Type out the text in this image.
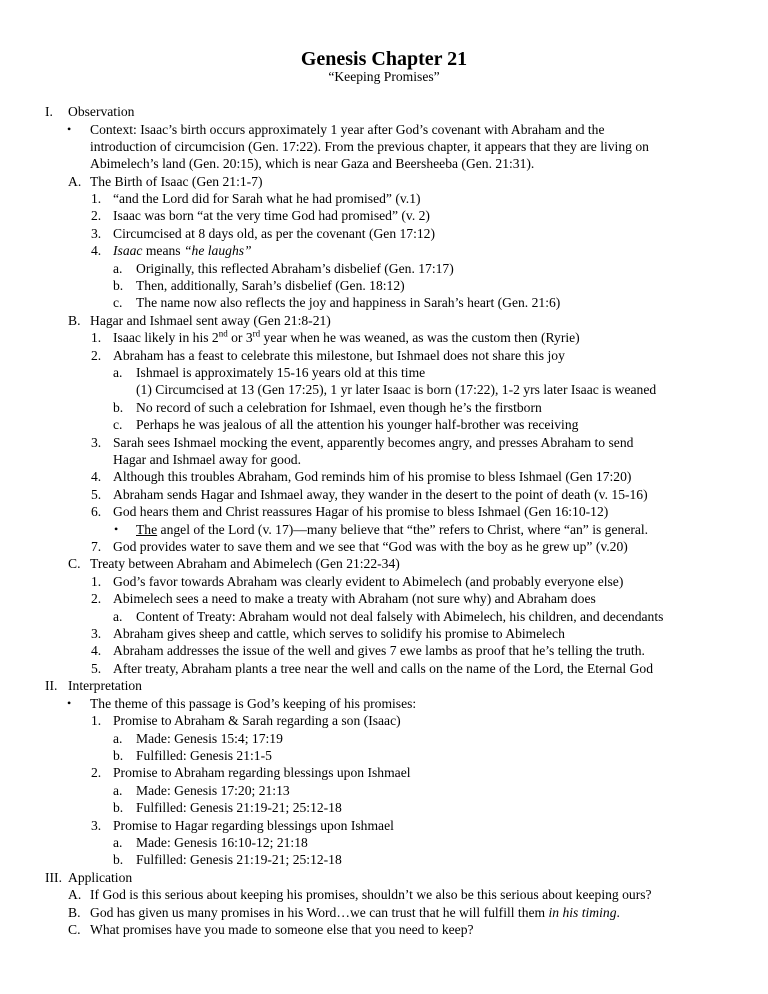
Genesis Chapter 21
“Keeping Promises”
I. Observation
• Context: Isaac’s birth occurs approximately 1 year after God’s covenant with Abraham and the
introduction of circumcision (Gen. 17:22). From the previous chapter, it appears that they are living on
Abimelech’s land (Gen. 20:15), which is near Gaza and Beersheeba (Gen. 21:31).
A. The Birth of Isaac (Gen 21:1-7)
1. “and the Lord did for Sarah what he had promised” (v.1)
2. Isaac was born “at the very time God had promised” (v. 2)
3. Circumcised at 8 days old, as per the covenant (Gen 17:12)
4. Isaac means “he laughs”
a. Originally, this reflected Abraham’s disbelief (Gen. 17:17)
b. Then, additionally, Sarah’s disbelief (Gen. 18:12)
c. The name now also reflects the joy and happiness in Sarah’s heart (Gen. 21:6)
B. Hagar and Ishmael sent away (Gen 21:8-21)
1. Isaac likely in his 2nd or 3rd year when he was weaned, as was the custom then (Ryrie)
2. Abraham has a feast to celebrate this milestone, but Ishmael does not share this joy
a. Ishmael is approximately 15-16 years old at this time
(1) Circumcised at 13 (Gen 17:25), 1 yr later Isaac is born (17:22), 1-2 yrs later Isaac is weaned
b. No record of such a celebration for Ishmael, even though he’s the firstborn
c. Perhaps he was jealous of all the attention his younger half-brother was receiving
3. Sarah sees Ishmael mocking the event, apparently becomes angry, and presses Abraham to send
Hagar and Ishmael away for good.
4. Although this troubles Abraham, God reminds him of his promise to bless Ishmael (Gen 17:20)
5. Abraham sends Hagar and Ishmael away, they wander in the desert to the point of death (v. 15-16)
6. God hears them and Christ reassures Hagar of his promise to bless Ishmael (Gen 16:10-12)
• The angel of the Lord (v. 17)—many believe that “the” refers to Christ, where “an” is general.
7. God provides water to save them and we see that “God was with the boy as he grew up” (v.20)
C. Treaty between Abraham and Abimelech (Gen 21:22-34)
1. God’s favor towards Abraham was clearly evident to Abimelech (and probably everyone else)
2. Abimelech sees a need to make a treaty with Abraham (not sure why) and Abraham does
a. Content of Treaty: Abraham would not deal falsely with Abimelech, his children, and decendants
3. Abraham gives sheep and cattle, which serves to solidify his promise to Abimelech
4. Abraham addresses the issue of the well and gives 7 ewe lambs as proof that he’s telling the truth.
5. After treaty, Abraham plants a tree near the well and calls on the name of the Lord, the Eternal God
II. Interpretation
• The theme of this passage is God’s keeping of his promises:
1. Promise to Abraham & Sarah regarding a son (Isaac)
a. Made: Genesis 15:4; 17:19
b. Fulfilled: Genesis 21:1-5
2. Promise to Abraham regarding blessings upon Ishmael
a. Made: Genesis 17:20; 21:13
b. Fulfilled: Genesis 21:19-21; 25:12-18
3. Promise to Hagar regarding blessings upon Ishmael
a. Made: Genesis 16:10-12; 21:18
b. Fulfilled: Genesis 21:19-21; 25:12-18
III. Application
A. If God is this serious about keeping his promises, shouldn’t we also be this serious about keeping ours?
B. God has given us many promises in his Word…we can trust that he will fulfill them in his timing.
C. What promises have you made to someone else that you need to keep?
